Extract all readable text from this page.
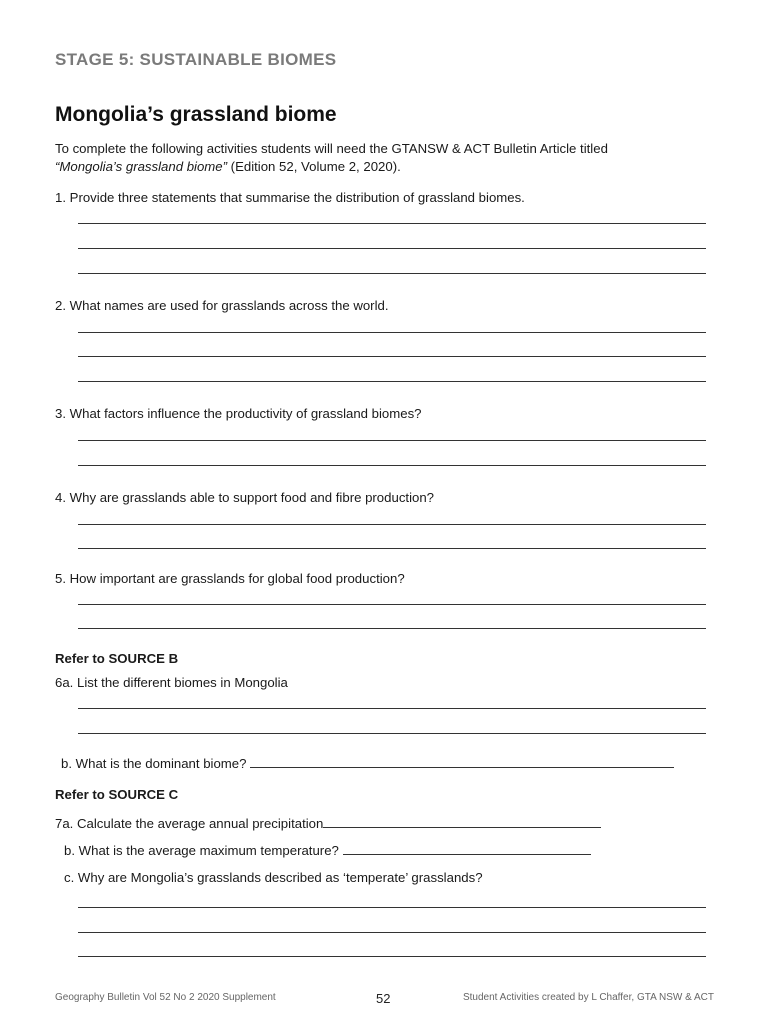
STAGE 5: SUSTAINABLE BIOMES
Mongolia’s grassland biome
To complete the following activities students will need the GTANSW & ACT Bulletin Article titled
“Mongolia’s grassland biome” (Edition 52, Volume 2, 2020).
1. Provide three statements that summarise the distribution of grassland biomes.
2. What names are used for grasslands across the world.
3. What factors influence the productivity of grassland biomes?
4. Why are grasslands able to support food and fibre production?
5. How important are grasslands for global food production?
Refer to SOURCE B
6a. List the different biomes in Mongolia
b. What is the dominant biome?
Refer to SOURCE C
7a. Calculate the average annual precipitation
b. What is the average maximum temperature?
c. Why are Mongolia’s grasslands described as ‘temperate’ grasslands?
Geography Bulletin Vol 52 No 2 2020 Supplement	52	Student Activities created by L Chaffer, GTA NSW & ACT
